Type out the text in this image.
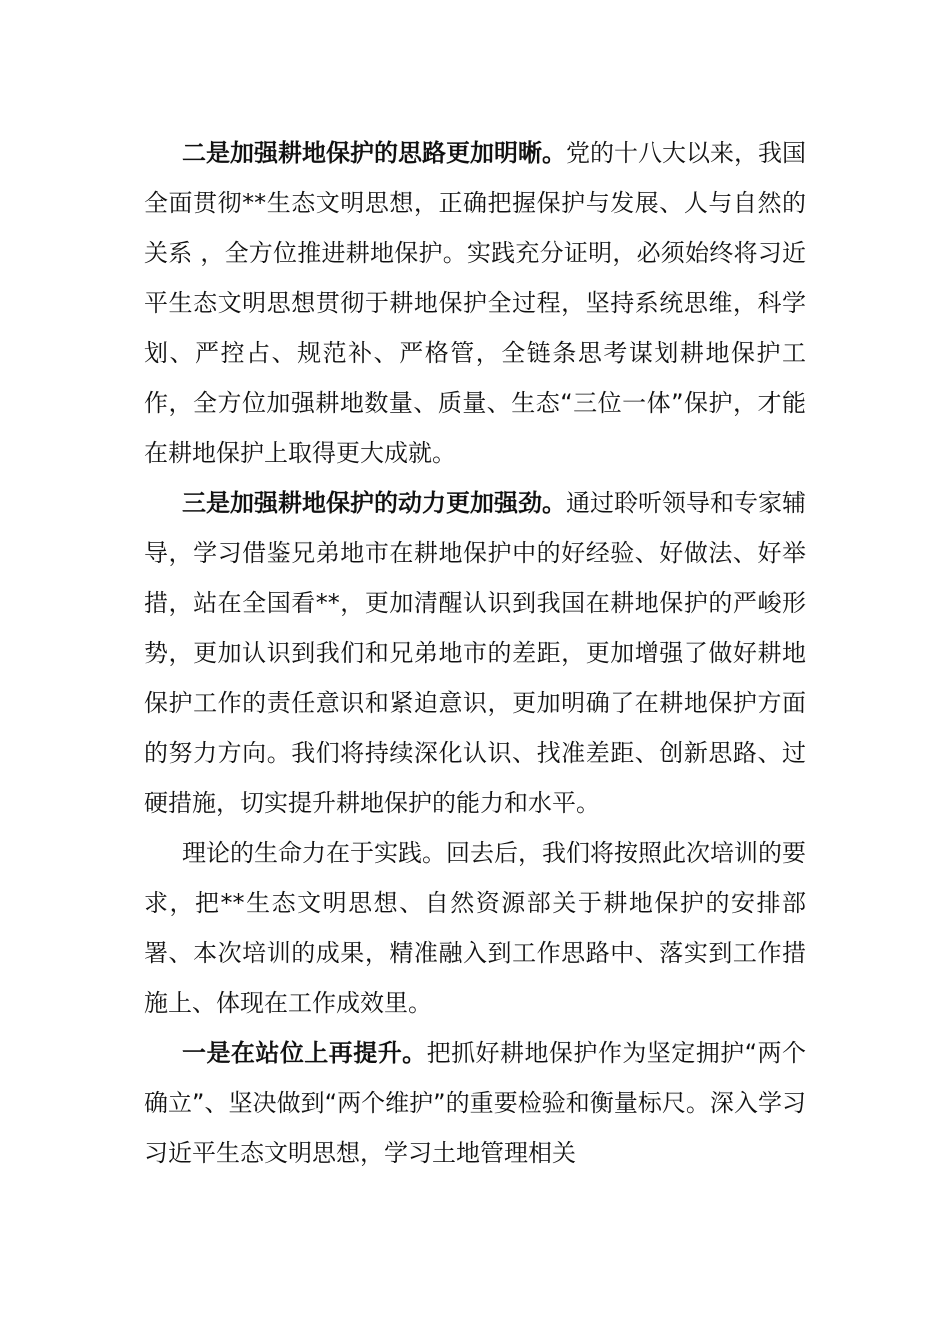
二是加强耕地保护的思路更加明晰。党的十八大以来，我国全面贯彻**生态文明思想，正确把握保护与发展、人与自然的关系 ，全方位推进耕地保护。实践充分证明，必须始终将习近平生态文明思想贯彻于耕地保护全过程，坚持系统思维，科学划、严控占、规范补、严格管，全链条思考谋划耕地保护工作，全方位加强耕地数量、质量、生态“三位一体”保护，才能在耕地保护上取得更大成就。

三是加强耕地保护的动力更加强劲。通过聆听领导和专家辅导，学习借鉴兄弟地市在耕地保护中的好经验、好做法、好举措，站在全国看**，更加清醒认识到我国在耕地保护的严峻形势，更加认识到我们和兄弟地市的差距，更加增强了做好耕地保护工作的责任意识和紧迫意识，更加明确了在耕地保护方面的努力方向。我们将持续深化认识、找准差距、创新思路、过硬措施，切实提升耕地保护的能力和水平。

理论的生命力在于实践。回去后，我们将按照此次培训的要求，把**生态文明思想、自然资源部关于耕地保护的安排部署、本次培训的成果，精准融入到工作思路中、落实到工作措施上、体现在工作成效里。

一是在站位上再提升。把抓好耕地保护作为坚定拥护“两个确立”、坚决做到“两个维护”的重要检验和衡量标尺。深入学习习近平生态文明思想，学习土地管理相关
